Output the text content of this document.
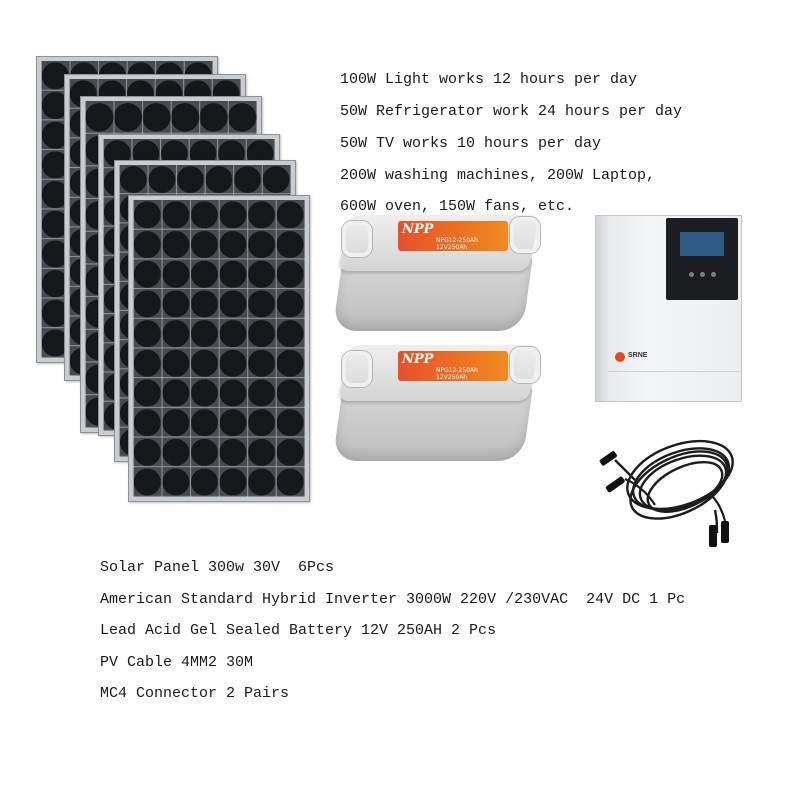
100W Light works 12 hours per day
50W Refrigerator work 24 hours per day
50W TV works 10 hours per day
200W washing machines, 200W Laptop,
600W oven, 150W fans, etc.
NPP
NPG12-250Ah 12V250Ah
NPP
NPG12-250Ah 12V250Ah
SRNE
Solar Panel 300w 30V  6Pcs
American Standard Hybrid Inverter 3000W 220V /230VAC  24V DC 1 Pc
Lead Acid Gel Sealed Battery 12V 250AH 2 Pcs
PV Cable 4MM2 30M
MC4 Connector 2 Pairs
